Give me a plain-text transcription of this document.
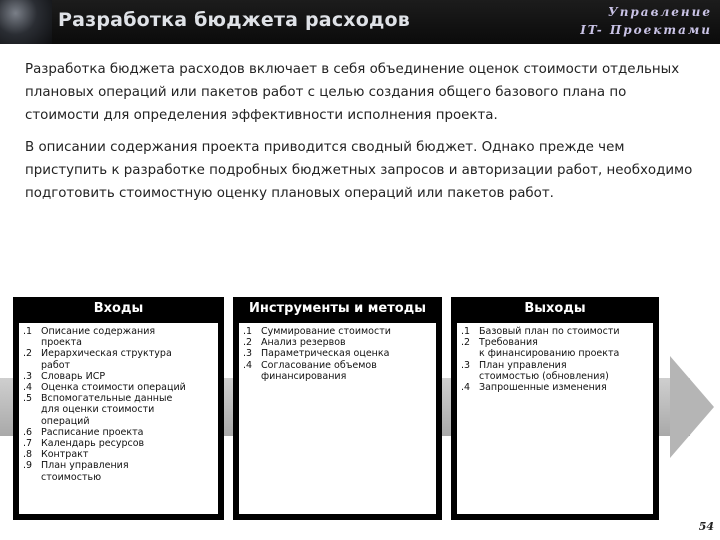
Разработка бюджета расходов	Управление
IT- Проектами
Разработка бюджета расходов включает в себя объединение оценок стоимости отдельных плановых операций или пакетов работ с целью создания общего базового плана по стоимости для определения эффективности исполнения проекта.
В описании содержания проекта приводится сводный бюджет. Однако прежде чем приступить к разработке подробных бюджетных запросов и авторизации работ, необходимо подготовить стоимостную оценку плановых операций или пакетов работ.
Входы
.1 Описание содержания
проекта
.2 Иерархическая структура
работ
.3 Словарь ИСР
.4 Оценка стоимости операций
.5 Вспомогательные данные
для оценки стоимости
операций
.6 Расписание проекта
.7 Календарь ресурсов
.8 Контракт
.9 План управления
стоимостью
Инструменты и методы
.1 Суммирование стоимости
.2 Анализ резервов
.3 Параметрическая оценка
.4 Согласование объемов
финансирования
Выходы
.1 Базовый план по стоимости
.2 Требования
к финансированию проекта
.3 План управления
стоимостью (обновления)
.4 Запрошенные изменения
54
